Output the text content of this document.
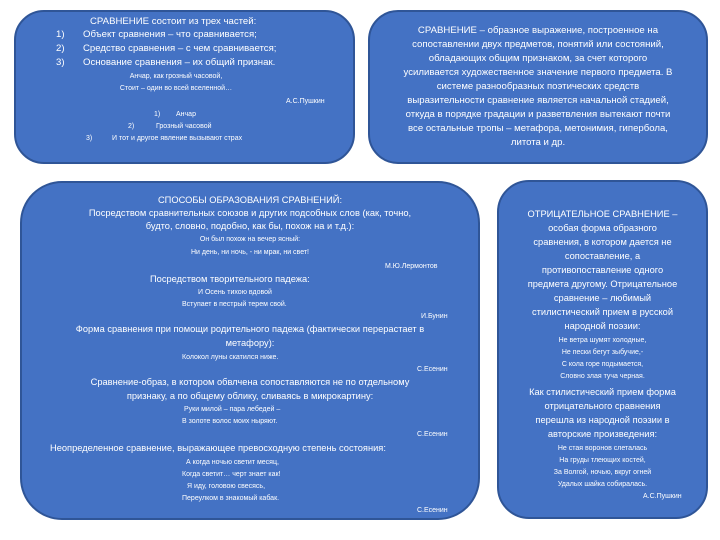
СРАВНЕНИЕ состоит из трех частей:
1) Объект сравнения – что сравнивается;
2) Средство сравнения – с чем сравнивается;
3) Основание сравнения – их общий признак.
Анчар, как грозный часовой,
Стоит – один во всей вселенной…
А.С.Пушкин
1) Анчар
2)	Грозный часовой
3)	И тот и другое явление вызывают страх
СРАВНЕНИЕ – образное выражение, построенное на
сопоставлении двух предметов, понятий или состояний,
обладающих общим признаком, за счет которого
усиливается художественное значение первого предмета. В
системе разнообразных поэтических средств
выразительности сравнение является начальной стадией,
откуда в порядке градации и разветвления вытекают почти
все остальные тропы – метафора, метонимия, гипербола,
литота и др.
СПОСОБЫ ОБРАЗОВАНИЯ СРАВНЕНИЙ:
Посредством сравнительных союзов и других подсобных слов (как, точно,
будто, словно, подобно, как бы, похож на и т.д.):
Он был похож на вечер ясный:
Ни день, ни ночь, - ни мрак, ни свет!
М.Ю.Лермонтов
Посредством творительного падежа:
И Осень тихою вдовой
Вступает в пестрый терем свой.
И.Бунин
Форма сравнения при помощи родительного падежа (фактически перерастает в
метафору):
Колокол луны скатился ниже.
С.Есенин
Сравнение-образ, в котором обвлчена сопоставляются не по отдельному
признаку, а по общему облику, сливаясь в микрокартину:
Руки милой – пара лебедей –
В золоте волос моих ныряют.
С.Есенин
Неопределенное сравнение, выражающее превосходную степень состояния:
А когда ночью светит месяц,
Когда светит… черт знает как!
Я иду, головою свесясь,
Переулком в знакомый кабак.
С.Есенин
ОТРИЦАТЕЛЬНОЕ СРАВНЕНИЕ –
особая форма образного
сравнения, в котором дается не
сопоставление, а
противопоставление одного
предмета другому. Отрицательное
сравнение – любимый
стилистический прием в русской
народной поэзии:
Не ветра шумят холодные,
Не пески бегут зыбучие,-
С кола горе подымается,
Словно злая туча черная.
Как стилистический прием форма
отрицательного сравнения
перешла из народной поэзии в
авторские произведения:
Не стая воронов слеталась
На груды тлеющих костей,
За Волгой, ночью, вкруг огней
Удалых шайка собиралась.
А.С.Пушкин
